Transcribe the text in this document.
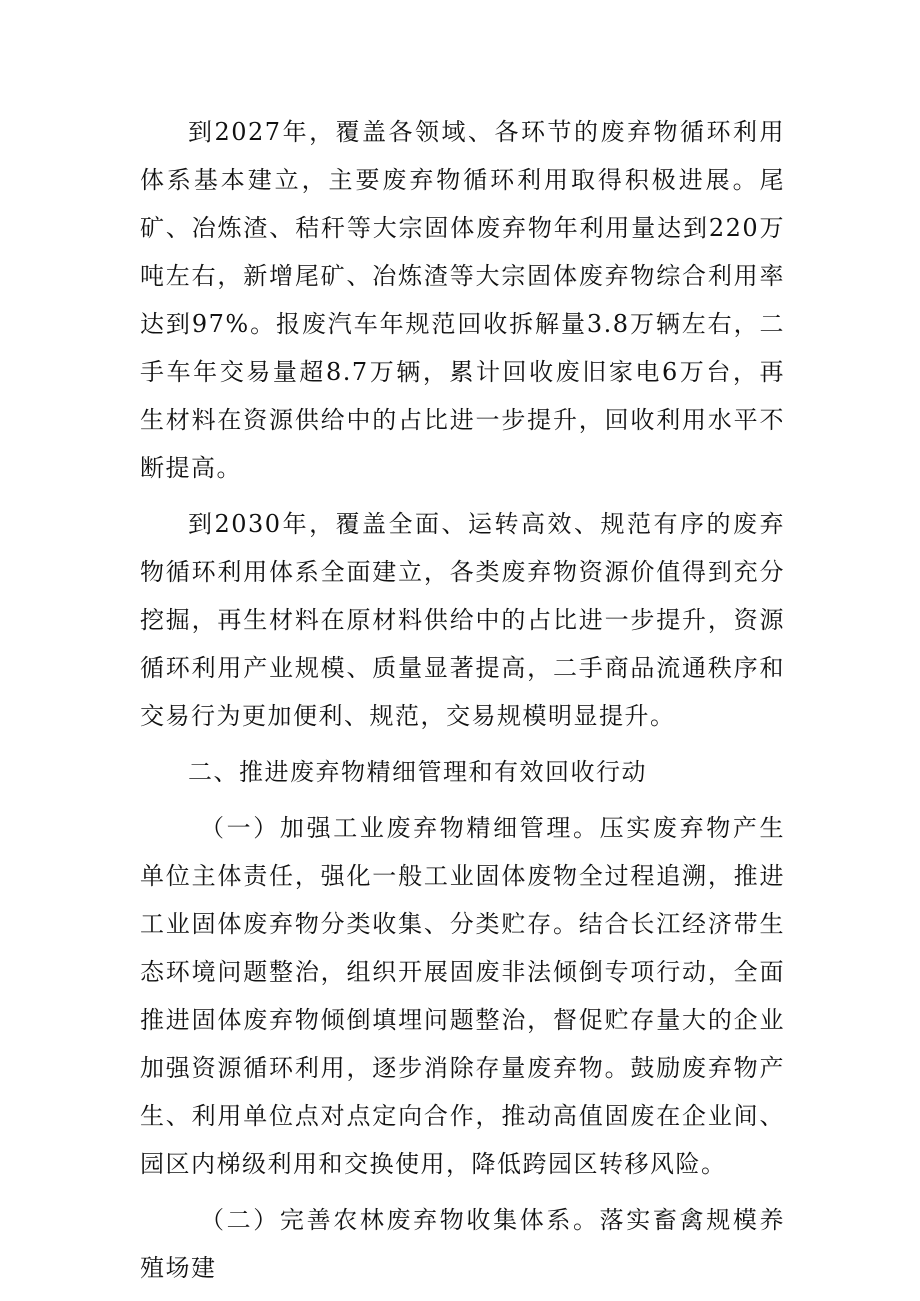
到2027年，覆盖各领域、各环节的废弃物循环利用体系基本建立，主要废弃物循环利用取得积极进展。尾矿、冶炼渣、秸秆等大宗固体废弃物年利用量达到220万吨左右，新增尾矿、冶炼渣等大宗固体废弃物综合利用率达到97%。报废汽车年规范回收拆解量3.8万辆左右，二手车年交易量超8.7万辆，累计回收废旧家电6万台，再生材料在资源供给中的占比进一步提升，回收利用水平不断提高。

到2030年，覆盖全面、运转高效、规范有序的废弃物循环利用体系全面建立，各类废弃物资源价值得到充分挖掘，再生材料在原材料供给中的占比进一步提升，资源循环利用产业规模、质量显著提高，二手商品流通秩序和交易行为更加便利、规范，交易规模明显提升。

二、推进废弃物精细管理和有效回收行动

（一）加强工业废弃物精细管理。压实废弃物产生单位主体责任，强化一般工业固体废物全过程追溯，推进工业固体废弃物分类收集、分类贮存。结合长江经济带生态环境问题整治，组织开展固废非法倾倒专项行动，全面推进固体废弃物倾倒填埋问题整治，督促贮存量大的企业加强资源循环利用，逐步消除存量废弃物。鼓励废弃物产生、利用单位点对点定向合作，推动高值固废在企业间、园区内梯级利用和交换使用，降低跨园区转移风险。

（二）完善农林废弃物收集体系。落实畜禽规模养殖场建
